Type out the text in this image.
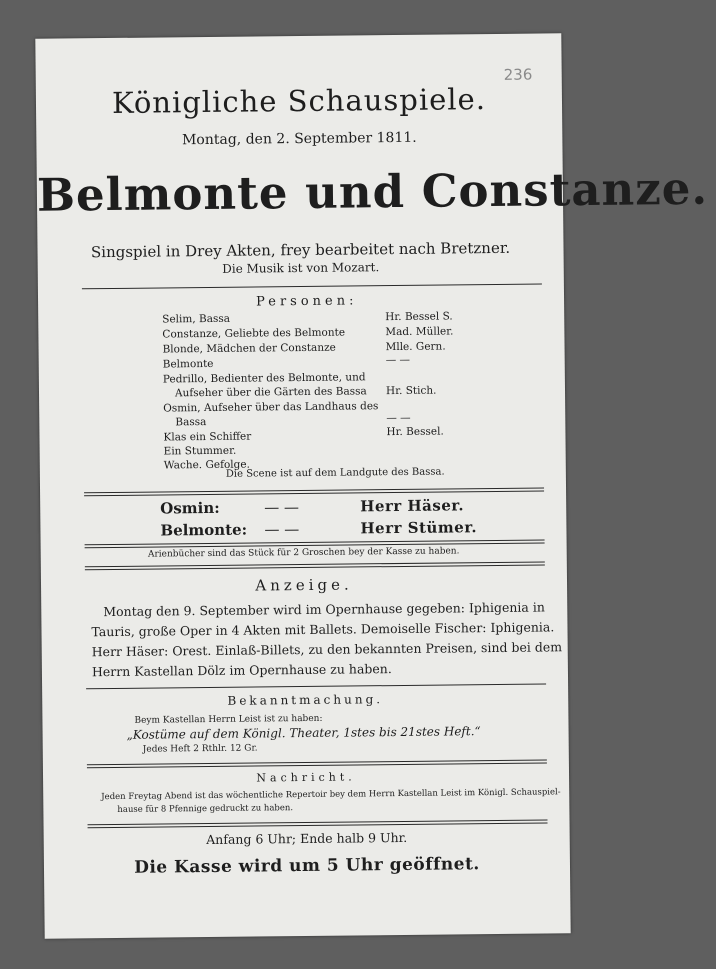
236
Königliche Schauspiele.
Montag, den 2. September 1811.
Belmonte und Constanze.
Singspiel in Drey Akten, frey bearbeitet nach Bretzner.
Die Musik ist von Mozart.
Personen:
Selim, Bassa	Hr. Bessel S.
Constanze, Geliebte des Belmonte	Mad. Müller.
Blonde, Mädchen der Constanze	Mlle. Gern.
Belmonte	— —
Pedrillo, Bedienter des Belmonte, und
Aufseher über die Gärten des Bassa Hr. Stich.
Osmin, Aufseher über das Landhaus des
Bassa	— —
Klas ein Schiffer	Hr. Bessel.
Ein Stummer.
Wache. Gefolge.
Die Scene ist auf dem Landgute des Bassa.
Osmin:	— —	Herr Häser.
Belmonte: — —	Herr Stümer.
Arienbücher sind das Stück für 2 Groschen bey der Kasse zu haben.
Anzeige.
Montag den 9. September wird im Opernhause gegeben: Iphigenia in
Tauris, große Oper in 4 Akten mit Ballets. Demoiselle Fischer: Iphigenia.
Herr Häser: Orest. Einlaß-Billets, zu den bekannten Preisen, sind bei dem
Herrn Kastellan Dölz im Opernhause zu haben.
Bekanntmachung.
Beym Kastellan Herrn Leist ist zu haben:
„Kostüme auf dem Königl. Theater, 1stes bis 21stes Heft.“
Jedes Heft 2 Rthlr. 12 Gr.
Nachricht.
Jeden Freytag Abend ist das wöchentliche Repertoir bey dem Herrn Kastellan Leist im Königl. Schauspiel-
hause für 8 Pfennige gedruckt zu haben.
Anfang 6 Uhr; Ende halb 9 Uhr.
Die Kasse wird um 5 Uhr geöffnet.
